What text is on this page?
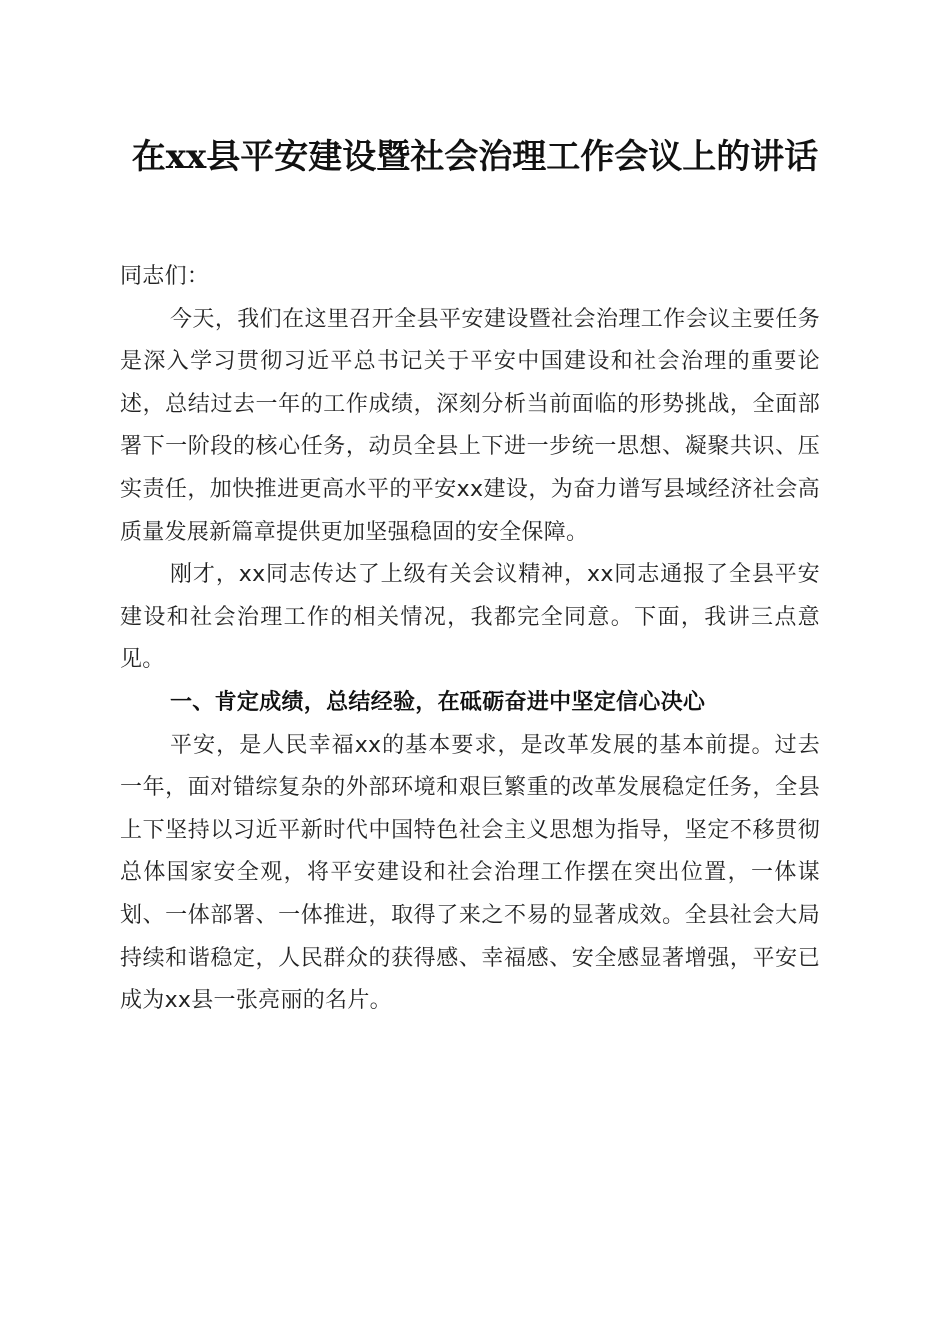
在xx县平安建设暨社会治理工作会议上的讲话

同志们：

今天，我们在这里召开全县平安建设暨社会治理工作会议主要任务是深入学习贯彻习近平总书记关于平安中国建设和社会治理的重要论述，总结过去一年的工作成绩，深刻分析当前面临的形势挑战，全面部署下一阶段的核心任务，动员全县上下进一步统一思想、凝聚共识、压实责任，加快推进更高水平的平安xx建设，为奋力谱写县域经济社会高质量发展新篇章提供更加坚强稳固的安全保障。

刚才，xx同志传达了上级有关会议精神，xx同志通报了全县平安建设和社会治理工作的相关情况，我都完全同意。下面，我讲三点意见。

一、肯定成绩，总结经验，在砥砺奋进中坚定信心决心

平安，是人民幸福xx的基本要求，是改革发展的基本前提。过去一年，面对错综复杂的外部环境和艰巨繁重的改革发展稳定任务，全县上下坚持以习近平新时代中国特色社会主义思想为指导，坚定不移贯彻总体国家安全观，将平安建设和社会治理工作摆在突出位置，一体谋划、一体部署、一体推进，取得了来之不易的显著成效。全县社会大局持续和谐稳定，人民群众的获得感、幸福感、安全感显著增强，平安已成为xx县一张亮丽的名片。
